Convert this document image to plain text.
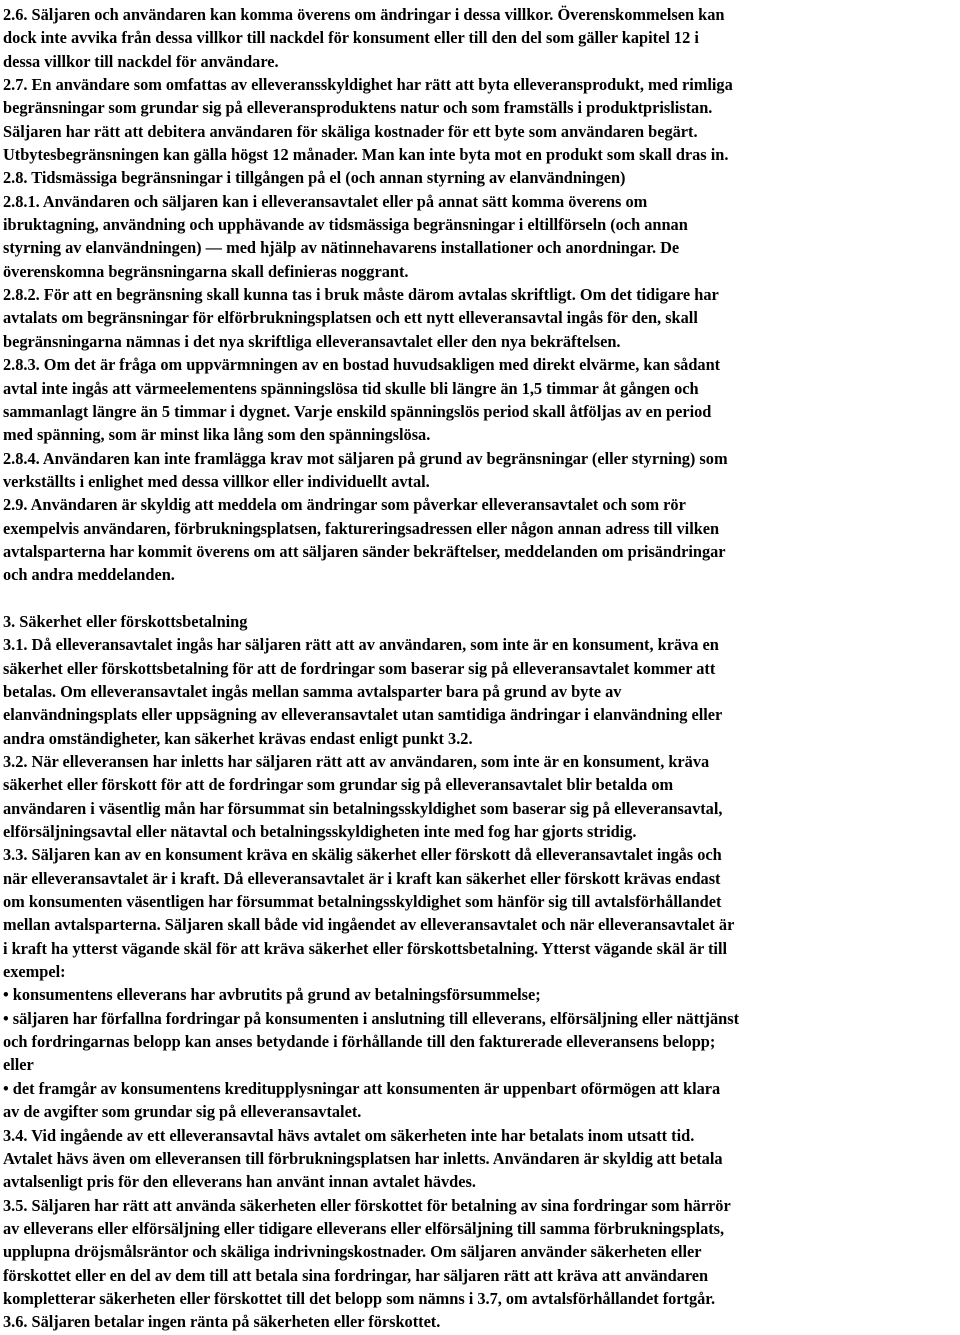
2.6. Säljaren och användaren kan komma överens om ändringar i dessa villkor. Överenskommelsen kan
dock inte avvika från dessa villkor till nackdel för konsument eller till den del som gäller kapitel 12 i
dessa villkor till nackdel för användare.
2.7. En användare som omfattas av elleveransskyldighet har rätt att byta elleveransprodukt, med rimliga
begränsningar som grundar sig på elleveransproduktens natur och som framställs i produktprislistan.
Säljaren har rätt att debitera användaren för skäliga kostnader för ett byte som användaren begärt.
Utbytesbegränsningen kan gälla högst 12 månader. Man kan inte byta mot en produkt som skall dras in.
2.8. Tidsmässiga begränsningar i tillgången på el (och annan styrning av elanvändningen)
2.8.1. Användaren och säljaren kan i elleveransavtalet eller på annat sätt komma överens om
ibruktagning, användning och upphävande av tidsmässiga begränsningar i eltillförseln (och annan
styrning av elanvändningen) — med hjälp av nätinnehavarens installationer och anordningar. De
överenskomna begränsningarna skall definieras noggrant.
2.8.2. För att en begränsning skall kunna tas i bruk måste därom avtalas skriftligt. Om det tidigare har
avtalats om begränsningar för elförbrukningsplatsen och ett nytt elleveransavtal ingås för den, skall
begränsningarna nämnas i det nya skriftliga elleveransavtalet eller den nya bekräftelsen.
2.8.3. Om det är fråga om uppvärmningen av en bostad huvudsakligen med direkt elvärme, kan sådant
avtal inte ingås att värmeelementens spänningslösa tid skulle bli längre än 1,5 timmar åt gången och
sammanlagt längre än 5 timmar i dygnet. Varje enskild spänningslös period skall åtföljas av en period
med spänning, som är minst lika lång som den spänningslösa.
2.8.4. Användaren kan inte framlägga krav mot säljaren på grund av begränsningar (eller styrning) som
verkställts i enlighet med dessa villkor eller individuellt avtal.
2.9. Användaren är skyldig att meddela om ändringar som påverkar elleveransavtalet och som rör
exempelvis användaren, förbrukningsplatsen, faktureringsadressen eller någon annan adress till vilken
avtalsparterna har kommit överens om att säljaren sänder bekräftelser, meddelanden om prisändringar
och andra meddelanden.
3. Säkerhet eller förskottsbetalning
3.1. Då elleveransavtalet ingås har säljaren rätt att av användaren, som inte är en konsument, kräva en
säkerhet eller förskottsbetalning för att de fordringar som baserar sig på elleveransavtalet kommer att
betalas. Om elleveransavtalet ingås mellan samma avtalsparter bara på grund av byte av
elanvändningsplats eller uppsägning av elleveransavtalet utan samtidiga ändringar i elanvändning eller
andra omständigheter, kan säkerhet krävas endast enligt punkt 3.2.
3.2. När elleveransen har inletts har säljaren rätt att av användaren, som inte är en konsument, kräva
säkerhet eller förskott för att de fordringar som grundar sig på elleveransavtalet blir betalda om
användaren i väsentlig mån har försummat sin betalningsskyldighet som baserar sig på elleveransavtal,
elförsäljningsavtal eller nätavtal och betalningsskyldigheten inte med fog har gjorts stridig.
3.3. Säljaren kan av en konsument kräva en skälig säkerhet eller förskott då elleveransavtalet ingås och
när elleveransavtalet är i kraft. Då elleveransavtalet är i kraft kan säkerhet eller förskott krävas endast
om konsumenten väsentligen har försummat betalningsskyldighet som hänför sig till avtalsförhållandet
mellan avtalsparterna. Säljaren skall både vid ingåendet av elleveransavtalet och när elleveransavtalet är
i kraft ha ytterst vägande skäl för att kräva säkerhet eller förskottsbetalning. Ytterst vägande skäl är till
exempel:
• konsumentens elleverans har avbrutits på grund av betalningsförsummelse;
• säljaren har förfallna fordringar på konsumenten i anslutning till elleverans, elförsäljning eller nättjänst
och fordringarnas belopp kan anses betydande i förhållande till den fakturerade elleveransens belopp;
eller
• det framgår av konsumentens kreditupplysningar att konsumenten är uppenbart oförmögen att klara
av de avgifter som grundar sig på elleveransavtalet.
3.4. Vid ingående av ett elleveransavtal hävs avtalet om säkerheten inte har betalats inom utsatt tid.
Avtalet hävs även om elleveransen till förbrukningsplatsen har inletts. Användaren är skyldig att betala
avtalsenligt pris för den elleverans han använt innan avtalet hävdes.
3.5. Säljaren har rätt att använda säkerheten eller förskottet för betalning av sina fordringar som härrör
av elleverans eller elförsäljning eller tidigare elleverans eller elförsäljning till samma förbrukningsplats,
upplupna dröjsmålsräntor och skäliga indrivningskostnader. Om säljaren använder säkerheten eller
förskottet eller en del av dem till att betala sina fordringar, har säljaren rätt att kräva att användaren
kompletterar säkerheten eller förskottet till det belopp som nämns i 3.7, om avtalsförhållandet fortgår.
3.6. Säljaren betalar ingen ränta på säkerheten eller förskottet.
